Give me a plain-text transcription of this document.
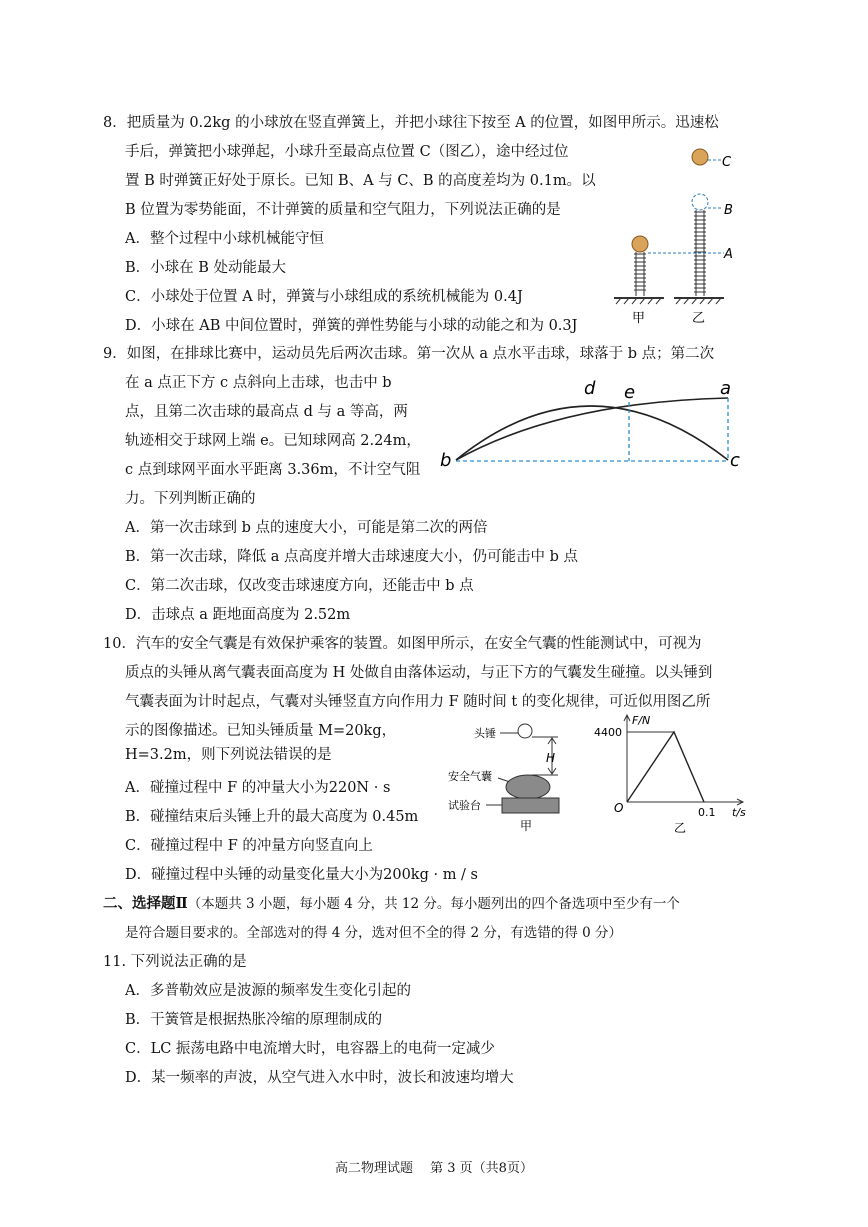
8．把质量为 0.2kg 的小球放在竖直弹簧上，并把小球往下按至 A 的位置，如图甲所示。迅速松
手后，弹簧把小球弹起，小球升至最高点位置 C（图乙），途中经过位
置 B 时弹簧正好处于原长。已知 B、A 与 C、B 的高度差均为 0.1m。以
B 位置为零势能面，不计弹簧的质量和空气阻力，下列说法正确的是
A．整个过程中小球机械能守恒
B．小球在 B 处动能最大
C．小球处于位置 A 时，弹簧与小球组成的系统机械能为 0.4J
D．小球在 AB 中间位置时，弹簧的弹性势能与小球的动能之和为 0.3J
C
B
A
甲	乙
9．如图，在排球比赛中，运动员先后两次击球。第一次从 a 点水平击球，球落于 b 点；第二次
在 a 点正下方 c 点斜向上击球，也击中 b
点，且第二次击球的最高点 d 与 a 等高，两
轨迹相交于球网上端 e。已知球网高 2.24m，
c 点到球网平面水平距离 3.36m，不计空气阻
力。下列判断正确的
A．第一次击球到 b 点的速度大小，可能是第二次的两倍
B．第一次击球，降低 a 点高度并增大击球速度大小，仍可能击中 b 点
C．第二次击球，仅改变击球速度方向，还能击中 b 点
D．击球点 a 距地面高度为 2.52m
d e	a
b	c
10．汽车的安全气囊是有效保护乘客的装置。如图甲所示，在安全气囊的性能测试中，可视为
质点的头锤从离气囊表面高度为 H 处做自由落体运动，与正下方的气囊发生碰撞。以头锤到
气囊表面为计时起点，气囊对头锤竖直方向作用力 F 随时间 t 的变化规律，可近似用图乙所
示的图像描述。已知头锤质量 M=20kg，
H=3.2m，则下列说法错误的是
A．碰撞过程中 F 的冲量大小为220N · s
B．碰撞结束后头锤上升的最大高度为 0.45m
C．碰撞过程中 F 的冲量方向竖直向上
D．碰撞过程中头锤的动量变化量大小为200kg · m / s
头锤
H
安全气囊
试验台
甲
F/N
4400
O	0.1 t/s
乙
二、选择题Ⅱ（本题共 3 小题，每小题 4 分，共 12 分。每小题列出的四个备选项中至少有一个
是符合题目要求的。全部选对的得 4 分，选对但不全的得 2 分，有选错的得 0 分）
11. 下列说法正确的是
A．多普勒效应是波源的频率发生变化引起的
B．干簧管是根据热胀冷缩的原理制成的
C．LC 振荡电路中电流增大时，电容器上的电荷一定减少
D．某一频率的声波，从空气进入水中时，波长和波速均增大
高二物理试题　 第 3 页（共8页）
